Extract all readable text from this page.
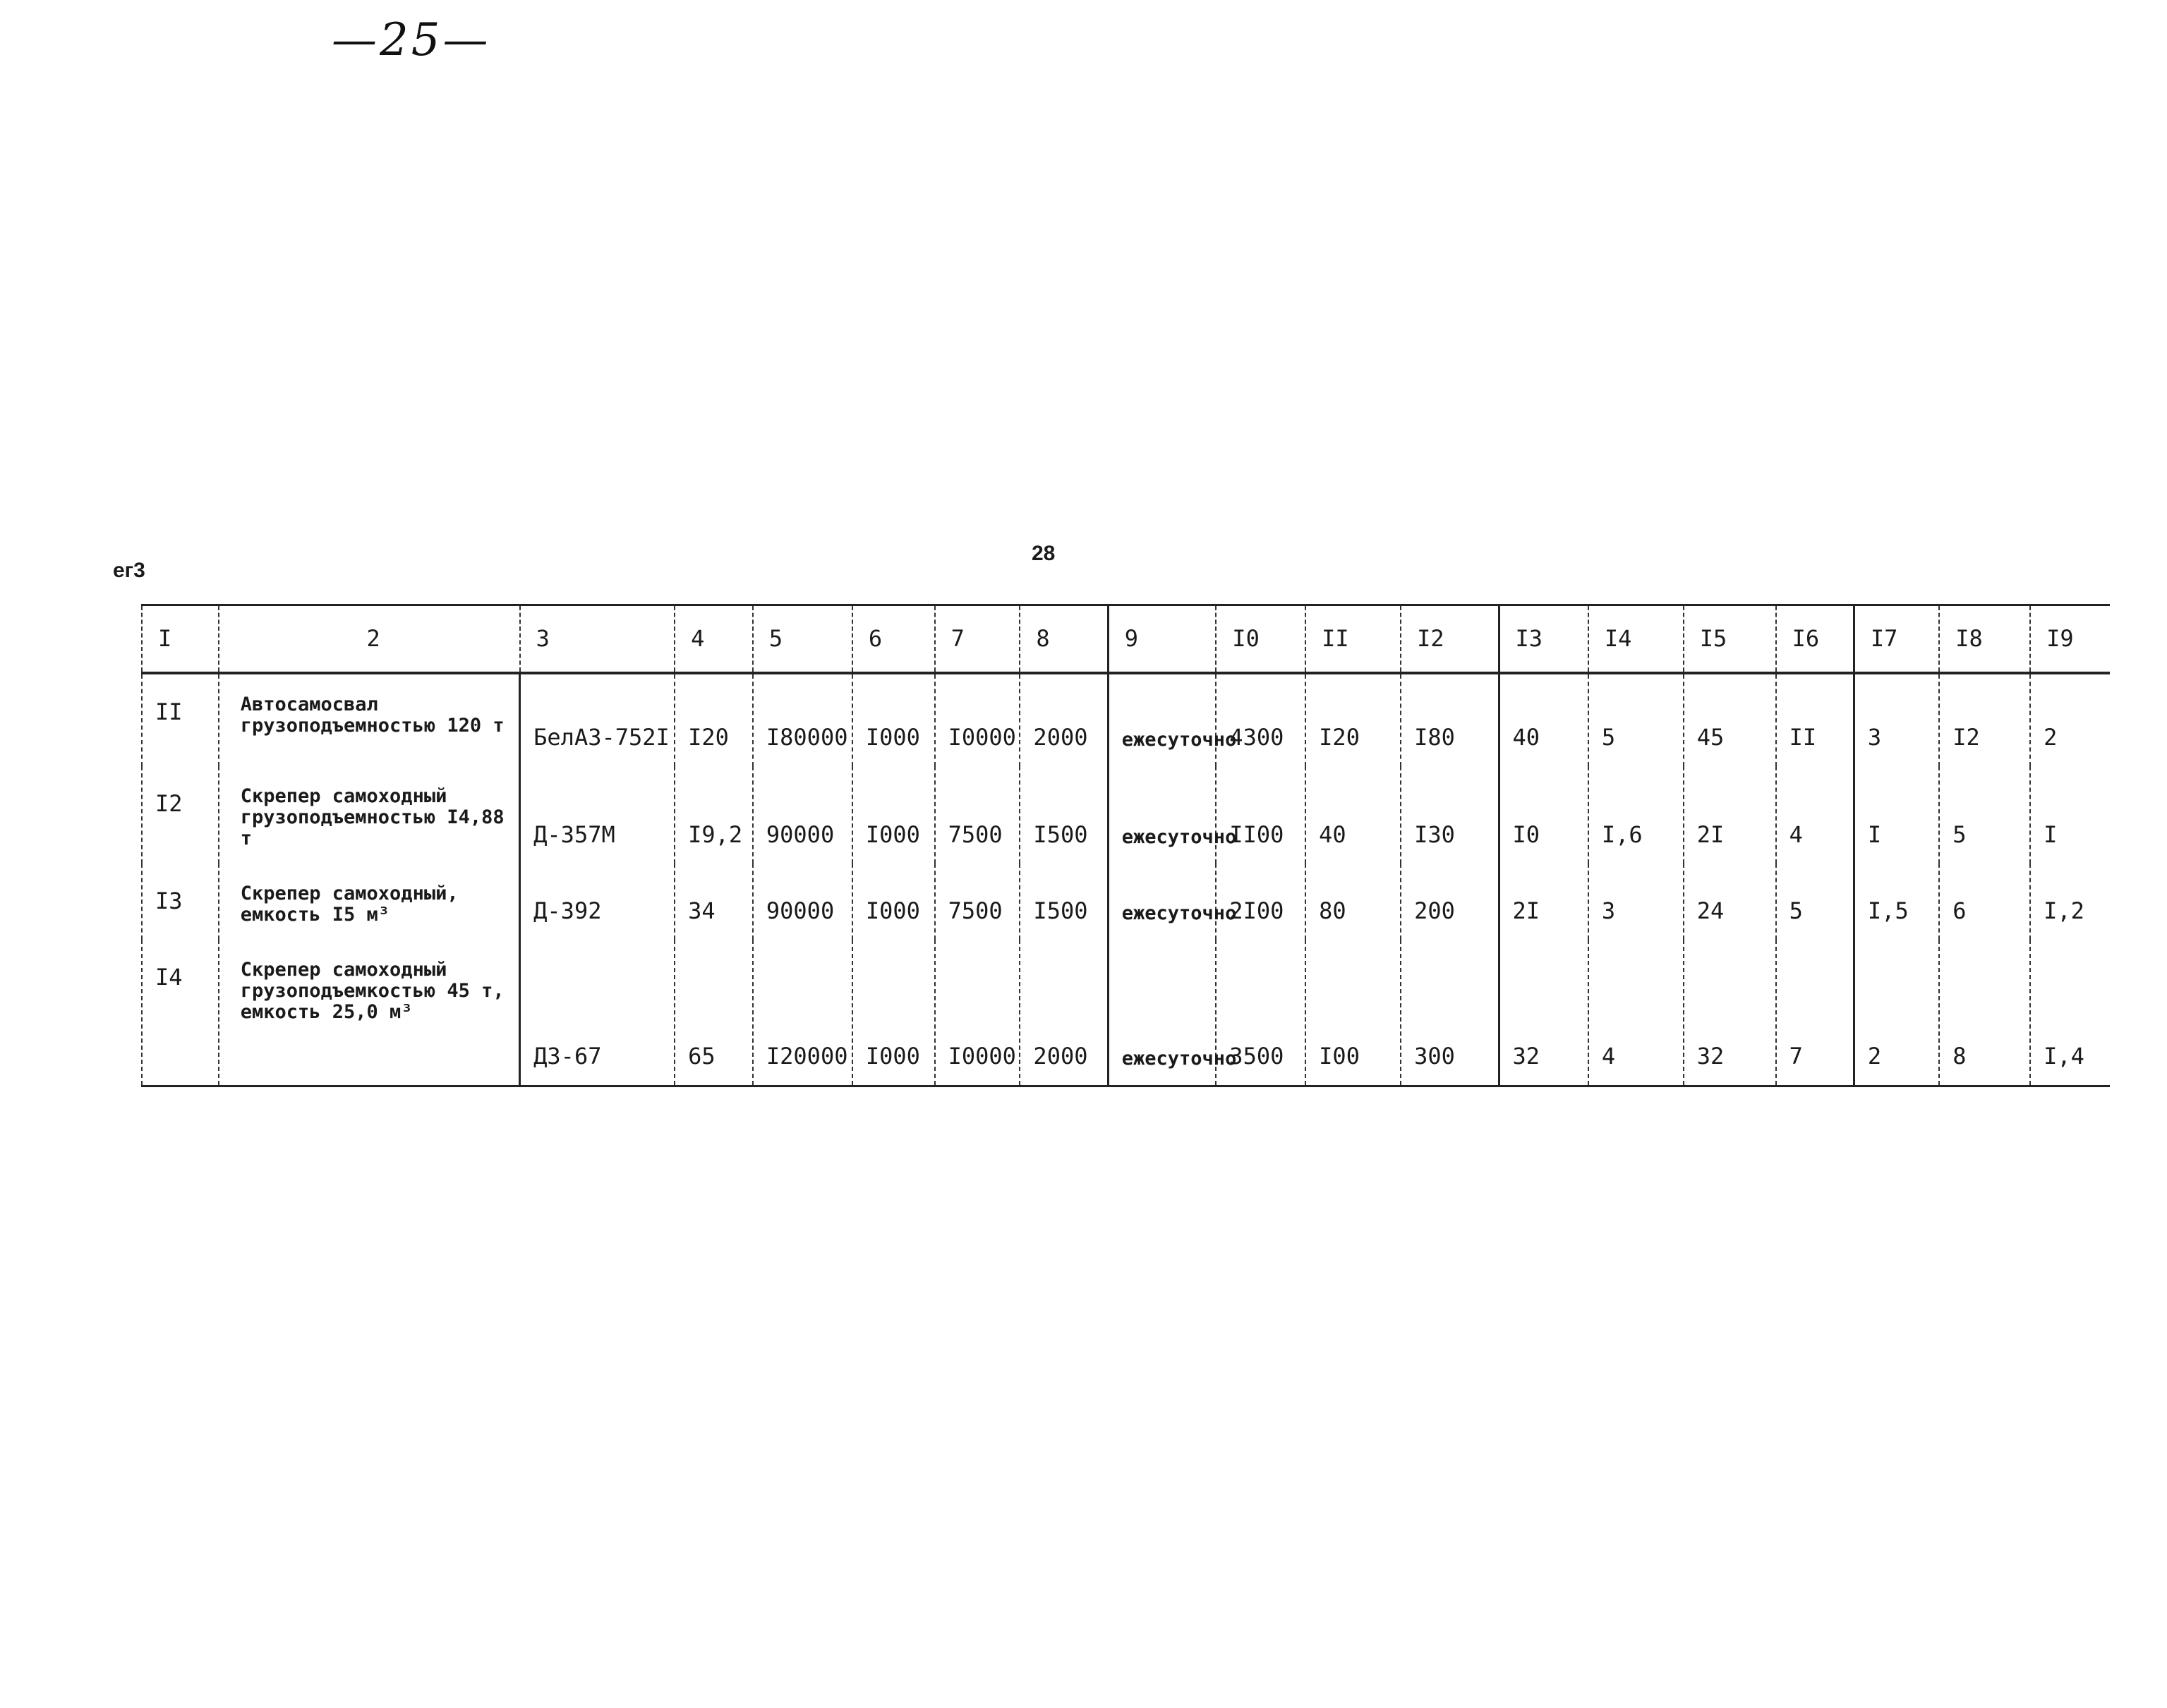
—25—
28
ег3
I	2	3	4	5	6	7	8	9	I0	II	I2	I3	I4	I5	I6	I7	I8	I9
II	Автосамосвал грузоподъемностью 120 т	БелАЗ-752I	I20	I80000	I000	I0000	2000	ежесуточно	4300	I20	I80	40	5	45	II	3	I2	2
I2	Скрепер самоходный грузоподъемностью I4,88 т	Д-357М	I9,2	90000	I000	7500	I500	ежесуточно	II00	40	I30	I0	I,6	2I	4	I	5	I
I3	Скрепер самоходный, емкость I5 м³	Д-392	34	90000	I000	7500	I500	ежесуточно	2I00	80	200	2I	3	24	5	I,5	6	I,2
I4	Скрепер самоходный грузоподъемкостью 45 т, емкость 25,0 м³	ДЗ-67	65	I20000	I000	I0000	2000	ежесуточно	3500	I00	300	32	4	32	7	2	8	I,4
